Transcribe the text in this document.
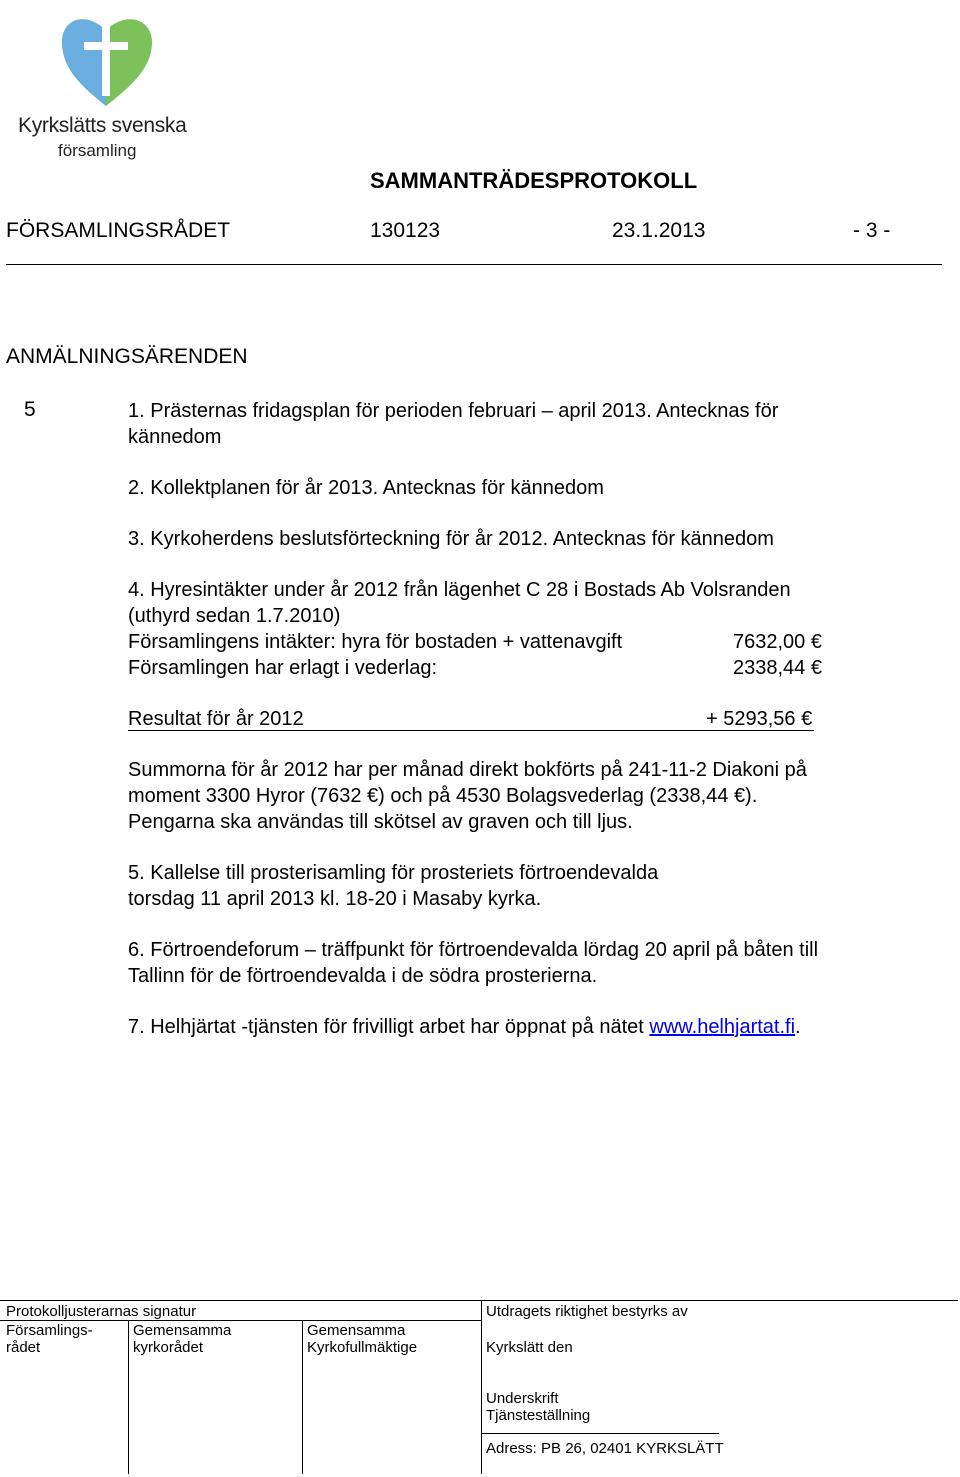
Kyrkslätts svenska
församling
SAMMANTRÄDESPROTOKOLL
FÖRSAMLINGSRÅDET	130123	23.1.2013	- 3 -
ANMÄLNINGSÄRENDEN
5	1. Prästernas fridagsplan för perioden februari – april 2013. Antecknas för
kännedom
2. Kollektplanen för år 2013. Antecknas för kännedom
3. Kyrkoherdens beslutsförteckning för år 2012. Antecknas för kännedom
4. Hyresintäkter under år 2012 från lägenhet C 28 i Bostads Ab Volsranden
(uthyrd sedan 1.7.2010)
Församlingens intäkter: hyra för bostaden + vattenavgift	7632,00 €
Församlingen har erlagt i vederlag:	2338,44 €
Resultat för år 2012	+ 5293,56 €
Summorna för år 2012 har per månad direkt bokförts på 241-11-2 Diakoni på
moment 3300 Hyror (7632 €) och på 4530 Bolagsvederlag (2338,44 €).
Pengarna ska användas till skötsel av graven och till ljus.
5. Kallelse till prosterisamling för prosteriets förtroendevalda
torsdag 11 april 2013 kl. 18-20 i Masaby kyrka.
6. Förtroendeforum – träffpunkt för förtroendevalda lördag 20 april på båten till
Tallinn för de förtroendevalda i de södra prosterierna.
7. Helhjärtat -tjänsten för frivilligt arbet har öppnat på nätet www.helhjartat.fi.
Protokolljusterarnas signatur
Församlings-
rådet
Gemensamma
kyrkorådet
Gemensamma
Kyrkofullmäktige
Utdragets riktighet bestyrks av
Kyrkslätt den
Underskrift
Tjänsteställning
Adress: PB 26, 02401 KYRKSLÄTT
